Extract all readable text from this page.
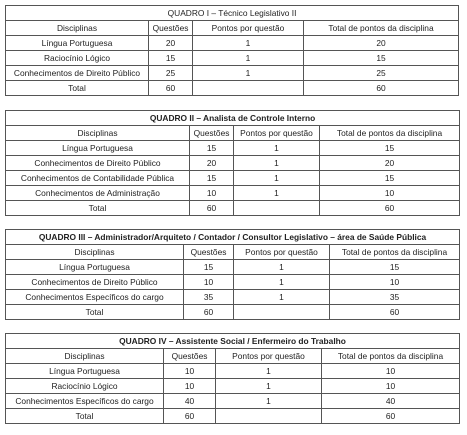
QUADRO I – Técnico Legislativo II			
Disciplinas	Questões	Pontos por questão	Total de pontos da disciplina
Língua Portuguesa	20	1	20
Raciocínio Lógico	15	1	15
Conhecimentos de Direito Público	25	1	25
Total	60		60
QUADRO II – Analista de Controle Interno			
Disciplinas	Questões	Pontos por questão	Total de pontos da disciplina
Língua Portuguesa	15	1	15
Conhecimentos de Direito Público	20	1	20
Conhecimentos de Contabilidade Pública	15	1	15
Conhecimentos de Administração	10	1	10
Total	60		60
QUADRO III – Administrador/Arquiteto / Contador / Consultor Legislativo – área de Saúde Pública			
Disciplinas	Questões	Pontos por questão	Total de pontos da disciplina
Língua Portuguesa	15	1	15
Conhecimentos de Direito Público	10	1	10
Conhecimentos Específicos do cargo	35	1	35
Total	60		60
QUADRO IV – Assistente Social / Enfermeiro do Trabalho			
Disciplinas	Questões	Pontos por questão	Total de pontos da disciplina
Língua Portuguesa	10	1	10
Raciocínio Lógico	10	1	10
Conhecimentos Específicos do cargo	40	1	40
Total	60		60
